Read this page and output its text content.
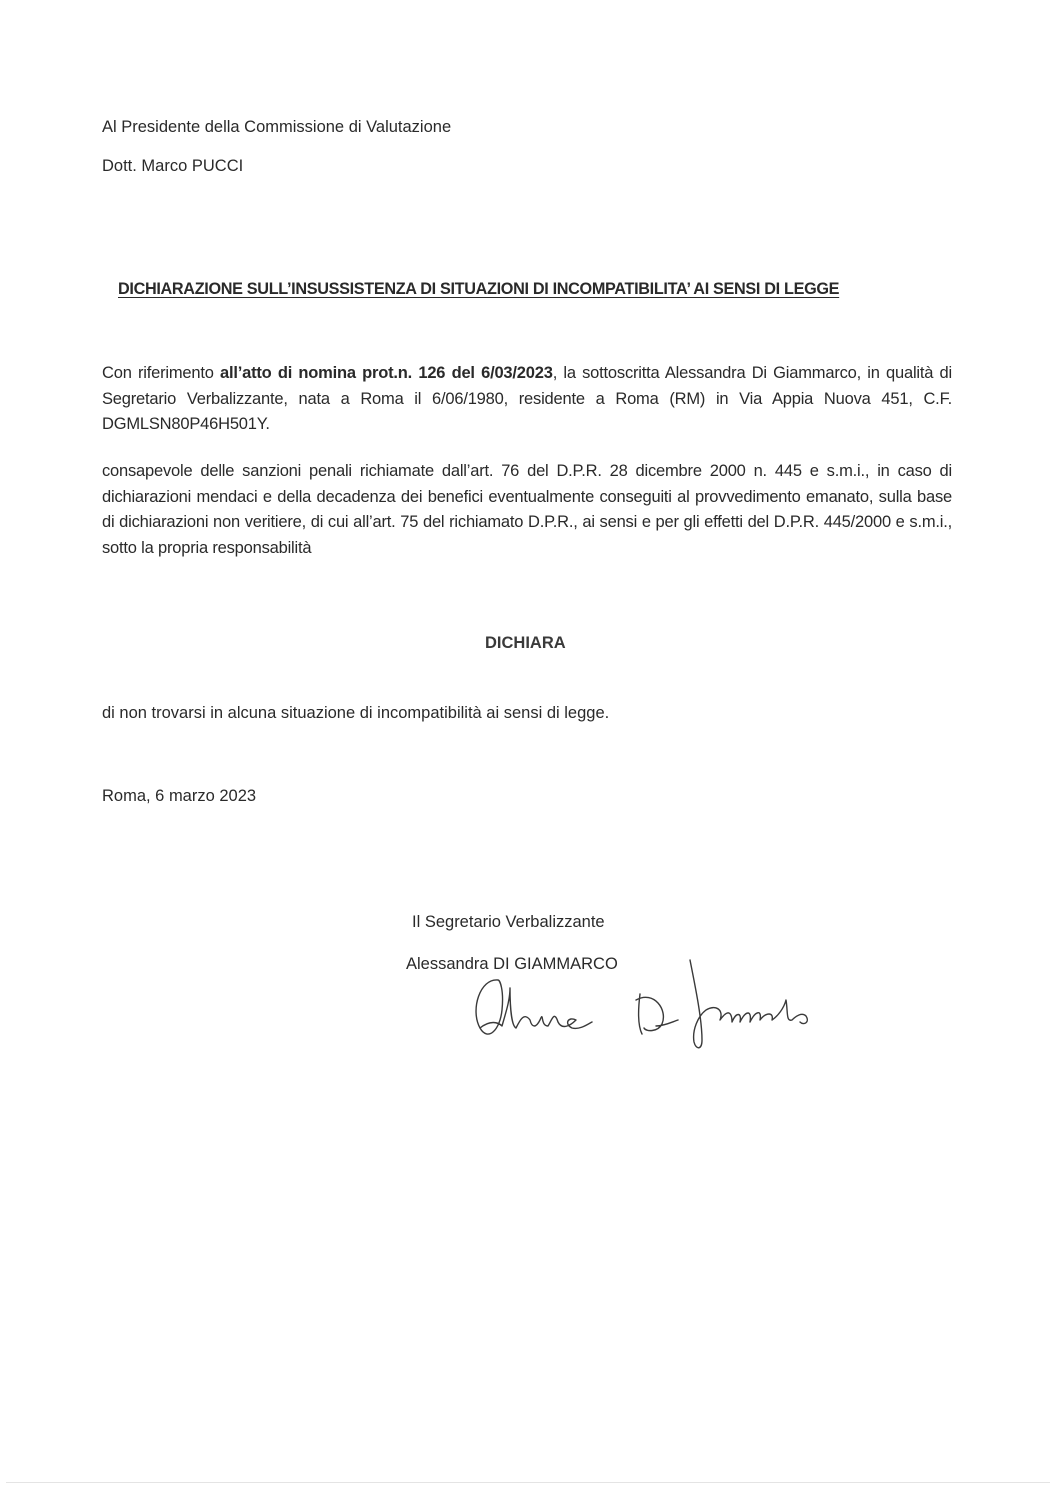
Al Presidente della Commissione di Valutazione
Dott. Marco PUCCI
DICHIARAZIONE SULL’INSUSSISTENZA DI SITUAZIONI DI INCOMPATIBILITA’ AI SENSI DI LEGGE
Con riferimento all’atto di nomina prot.n. 126 del 6/03/2023, la sottoscritta Alessandra Di Giammarco, in qualità di Segretario Verbalizzante, nata a Roma il 6/06/1980, residente a Roma (RM) in Via Appia Nuova 451, C.F. DGMLSN80P46H501Y.
consapevole delle sanzioni penali richiamate dall’art. 76 del D.P.R. 28 dicembre 2000 n. 445 e s.m.i., in caso di dichiarazioni mendaci e della decadenza dei benefici eventualmente conseguiti al provvedimento emanato, sulla base di dichiarazioni non veritiere, di cui all’art. 75 del richiamato D.P.R., ai sensi e per gli effetti del D.P.R. 445/2000 e s.m.i., sotto la propria responsabilità
DICHIARA
di non trovarsi in alcuna situazione di incompatibilità ai sensi di legge.
Roma, 6 marzo 2023
Il Segretario Verbalizzante
Alessandra DI GIAMMARCO
